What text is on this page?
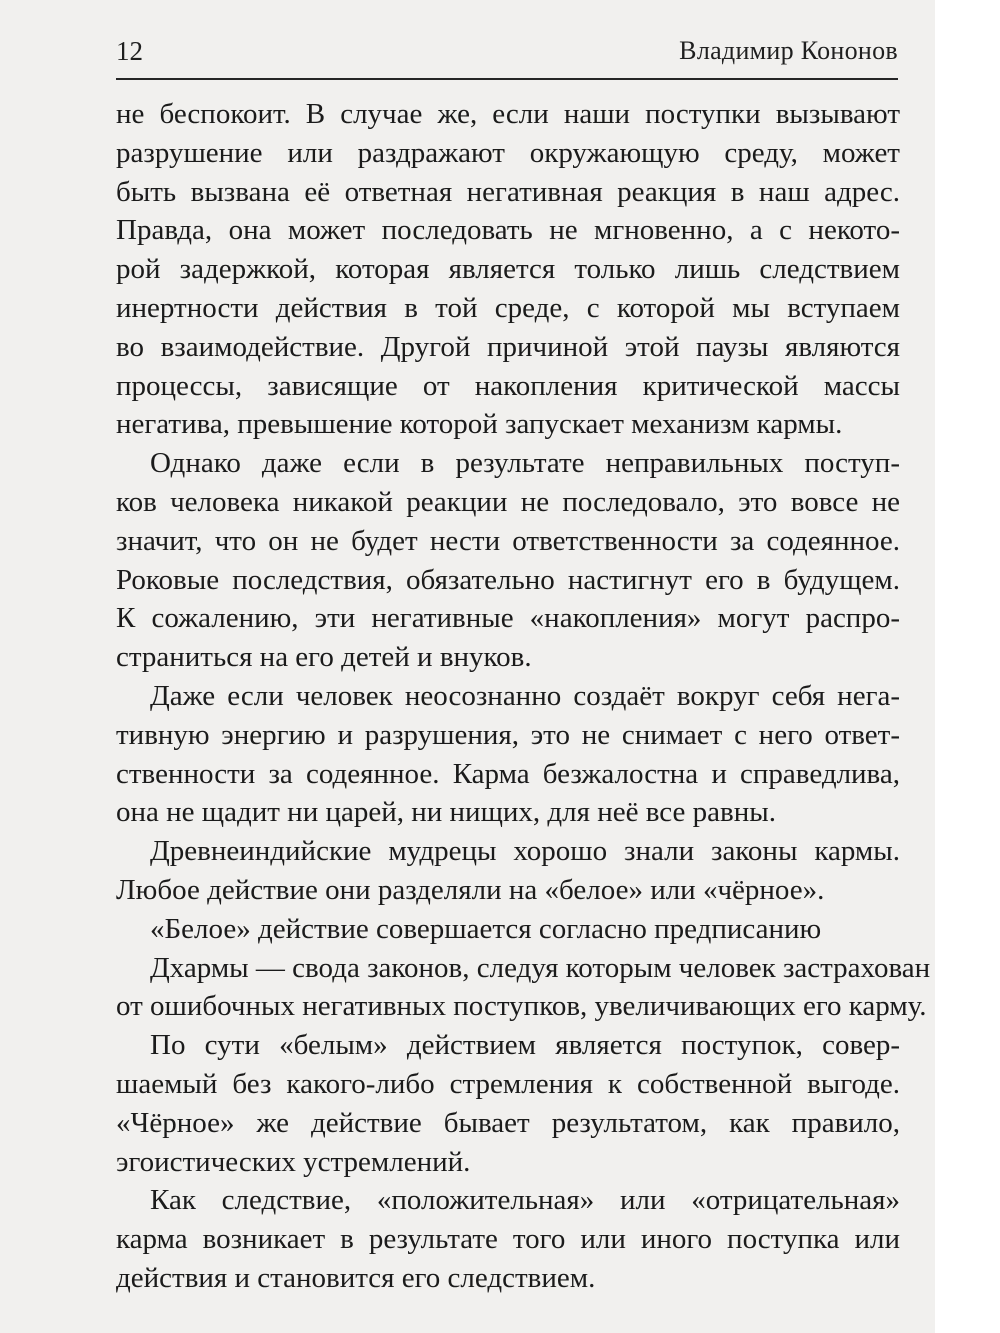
12	Владимир Кононов
не беспокоит. В случае же, если наши поступки вызывают
разрушение или раздражают окружающую среду, может
быть вызвана её ответная негативная реакция в наш адрес.
Правда, она может последовать не мгновенно, а с некото-
рой задержкой, которая является только лишь следствием
инертности действия в той среде, с которой мы вступаем
во взаимодействие. Другой причиной этой паузы являются
процессы, зависящие от накопления критической массы
негатива, превышение которой запускает механизм кармы.
Однако даже если в результате неправильных поступ-
ков человека никакой реакции не последовало, это вовсе не
значит, что он не будет нести ответственности за содеянное.
Роковые последствия, обязательно настигнут его в будущем.
К сожалению, эти негативные «накопления» могут распро-
страниться на его детей и внуков.
Даже если человек неосознанно создаёт вокруг себя нега-
тивную энергию и разрушения, это не снимает с него ответ-
ственности за содеянное. Карма безжалостна и справедлива,
она не щадит ни царей, ни нищих, для неё все равны.
Древнеиндийские мудрецы хорошо знали законы кармы.
Любое действие они разделяли на «белое» или «чёрное».
«Белое» действие совершается согласно предписанию
Дхармы — свода законов, следуя которым человек застрахован
от ошибочных негативных поступков, увеличивающих его карму.
По сути «белым» действием является поступок, совер-
шаемый без какого-либо стремления к собственной выгоде.
«Чёрное» же действие бывает результатом, как правило,
эгоистических устремлений.
Как следствие, «положительная» или «отрицательная»
карма возникает в результате того или иного поступка или
действия и становится его следствием.
